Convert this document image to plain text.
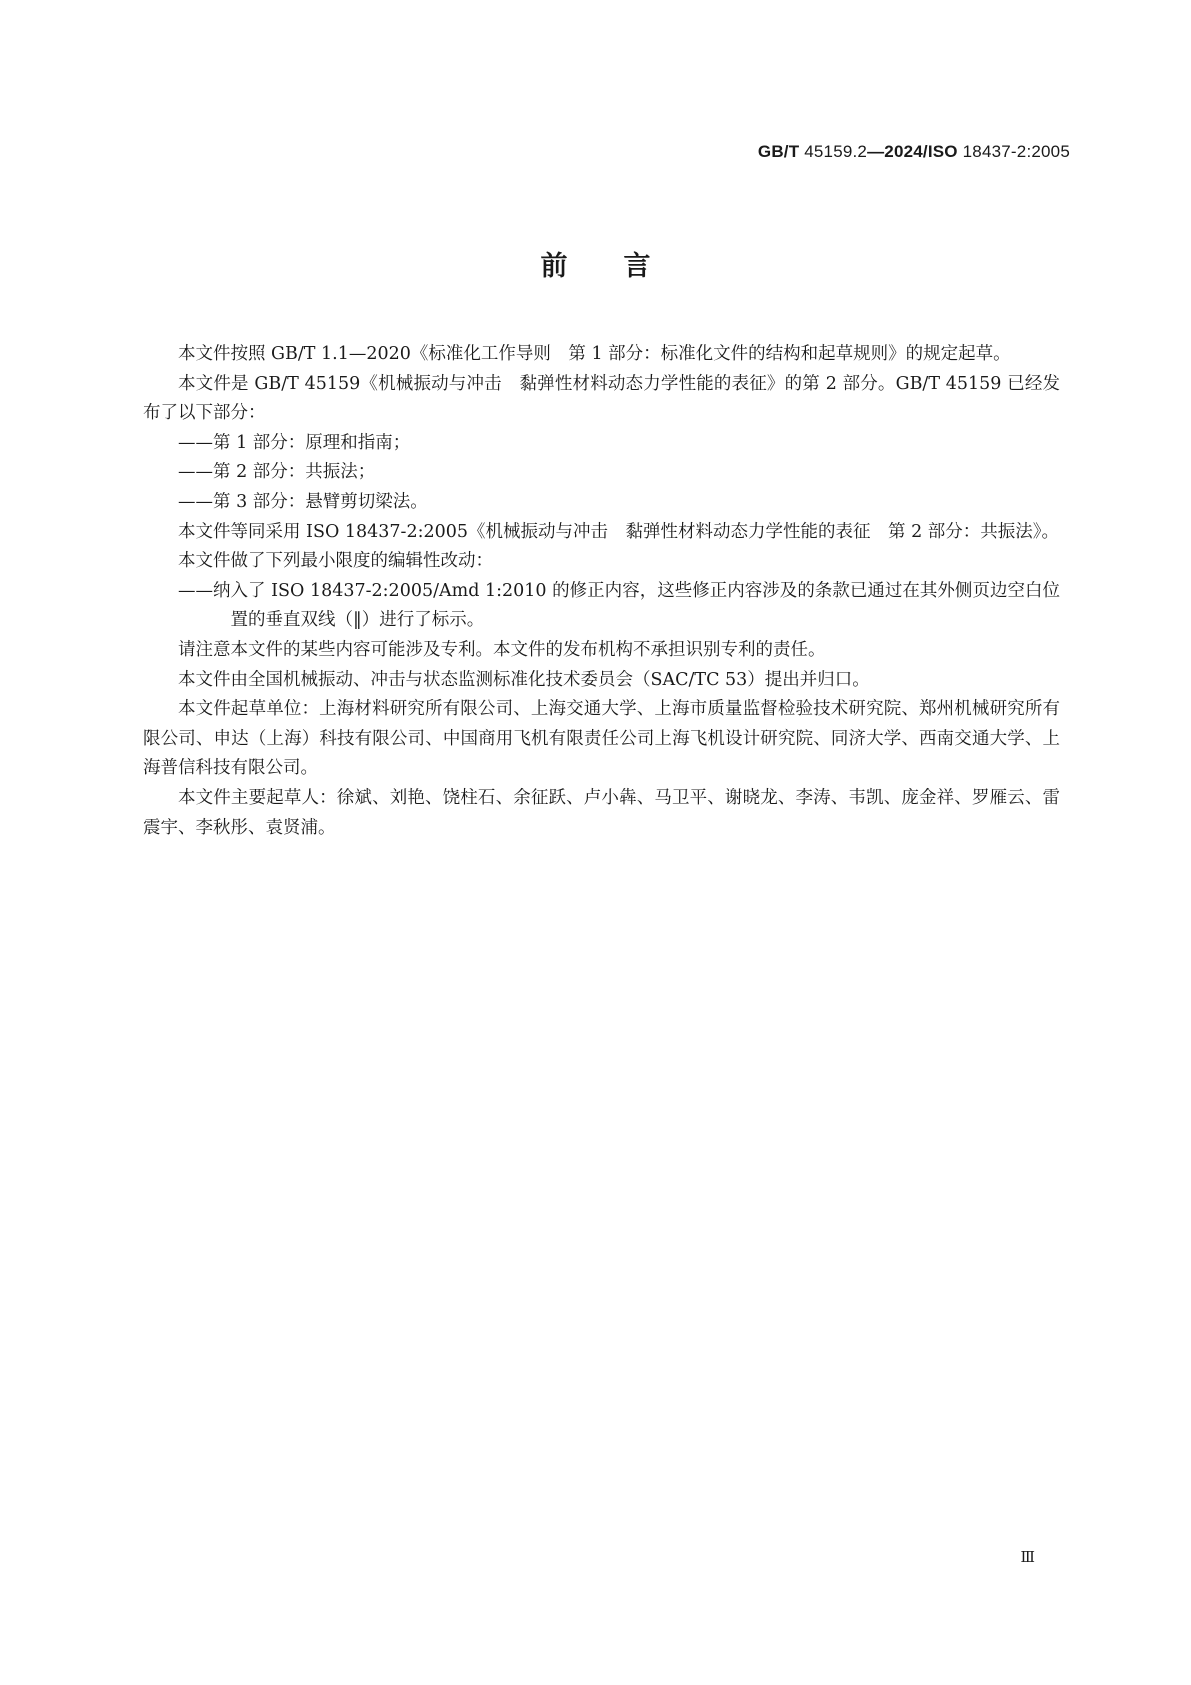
GB/T 45159.2—2024/ISO 18437-2:2005
前言

本文件按照 GB/T 1.1—2020《标准化工作导则　第 1 部分：标准化文件的结构和起草规则》的规定起草。

本文件是 GB/T 45159《机械振动与冲击　黏弹性材料动态力学性能的表征》的第 2 部分。GB/T 45159 已经发布了以下部分：

——第 1 部分：原理和指南；

——第 2 部分：共振法；

——第 3 部分：悬臂剪切梁法。

本文件等同采用 ISO 18437-2:2005《机械振动与冲击　黏弹性材料动态力学性能的表征　第 2 部分：共振法》。

本文件做了下列最小限度的编辑性改动：

——纳入了 ISO 18437-2:2005/Amd 1:2010 的修正内容，这些修正内容涉及的条款已通过在其外侧页边空白位置的垂直双线（‖）进行了标示。

请注意本文件的某些内容可能涉及专利。本文件的发布机构不承担识别专利的责任。

本文件由全国机械振动、冲击与状态监测标准化技术委员会（SAC/TC 53）提出并归口。

本文件起草单位：上海材料研究所有限公司、上海交通大学、上海市质量监督检验技术研究院、郑州机械研究所有限公司、申达（上海）科技有限公司、中国商用飞机有限责任公司上海飞机设计研究院、同济大学、西南交通大学、上海普信科技有限公司。

本文件主要起草人：徐斌、刘艳、饶柱石、余征跃、卢小犇、马卫平、谢晓龙、李涛、韦凯、庞金祥、罗雁云、雷震宇、李秋彤、袁贤浦。

Ⅲ
